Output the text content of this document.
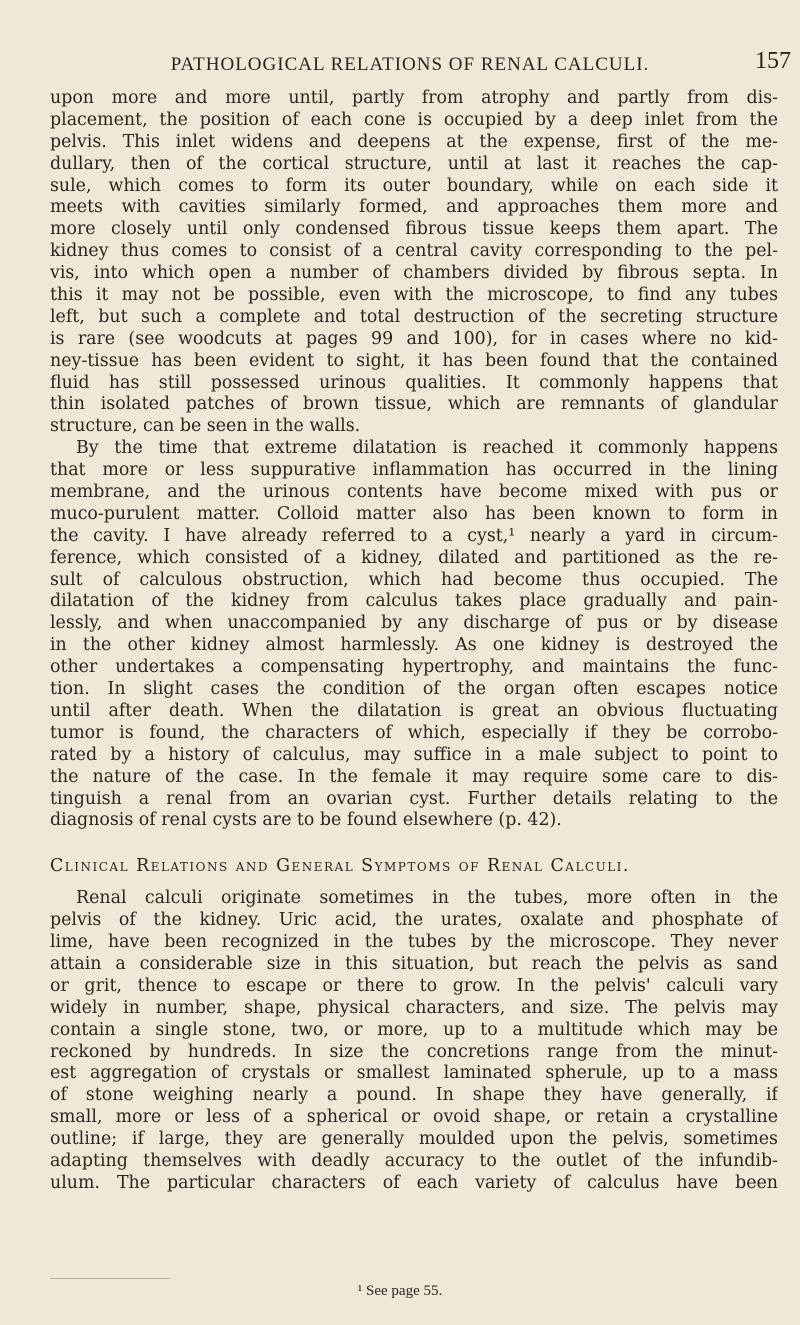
PATHOLOGICAL RELATIONS OF RENAL CALCULI.	157
upon more and more until, partly from atrophy and partly from dis-
placement, the position of each cone is occupied by a deep inlet from the
pelvis. This inlet widens and deepens at the expense, first of the me-
dullary, then of the cortical structure, until at last it reaches the cap-
sule, which comes to form its outer boundary, while on each side it
meets with cavities similarly formed, and approaches them more and
more closely until only condensed fibrous tissue keeps them apart. The
kidney thus comes to consist of a central cavity corresponding to the pel-
vis, into which open a number of chambers divided by fibrous septa. In
this it may not be possible, even with the microscope, to find any tubes
left, but such a complete and total destruction of the secreting structure
is rare (see woodcuts at pages 99 and 100), for in cases where no kid-
ney-tissue has been evident to sight, it has been found that the contained
fluid has still possessed urinous qualities. It commonly happens that
thin isolated patches of brown tissue, which are remnants of glandular
structure, can be seen in the walls.
By the time that extreme dilatation is reached it commonly happens
that more or less suppurative inflammation has occurred in the lining
membrane, and the urinous contents have become mixed with pus or
muco-purulent matter. Colloid matter also has been known to form in
the cavity. I have already referred to a cyst,¹ nearly a yard in circum-
ference, which consisted of a kidney, dilated and partitioned as the re-
sult of calculous obstruction, which had become thus occupied. The
dilatation of the kidney from calculus takes place gradually and pain-
lessly, and when unaccompanied by any discharge of pus or by disease
in the other kidney almost harmlessly. As one kidney is destroyed the
other undertakes a compensating hypertrophy, and maintains the func-
tion. In slight cases the condition of the organ often escapes notice
until after death. When the dilatation is great an obvious fluctuating
tumor is found, the characters of which, especially if they be corrobo-
rated by a history of calculus, may suffice in a male subject to point to
the nature of the case. In the female it may require some care to dis-
tinguish a renal from an ovarian cyst. Further details relating to the
diagnosis of renal cysts are to be found elsewhere (p. 42).
Clinical Relations and General Symptoms of Renal Calculi.
Renal calculi originate sometimes in the tubes, more often in the
pelvis of the kidney. Uric acid, the urates, oxalate and phosphate of
lime, have been recognized in the tubes by the microscope. They never
attain a considerable size in this situation, but reach the pelvis as sand
or grit, thence to escape or there to grow. In the pelvis' calculi vary
widely in number, shape, physical characters, and size. The pelvis may
contain a single stone, two, or more, up to a multitude which may be
reckoned by hundreds. In size the concretions range from the minut-
est aggregation of crystals or smallest laminated spherule, up to a mass
of stone weighing nearly a pound. In shape they have generally, if
small, more or less of a spherical or ovoid shape, or retain a crystalline
outline; if large, they are generally moulded upon the pelvis, sometimes
adapting themselves with deadly accuracy to the outlet of the infundib-
ulum. The particular characters of each variety of calculus have been
¹ See page 55.
